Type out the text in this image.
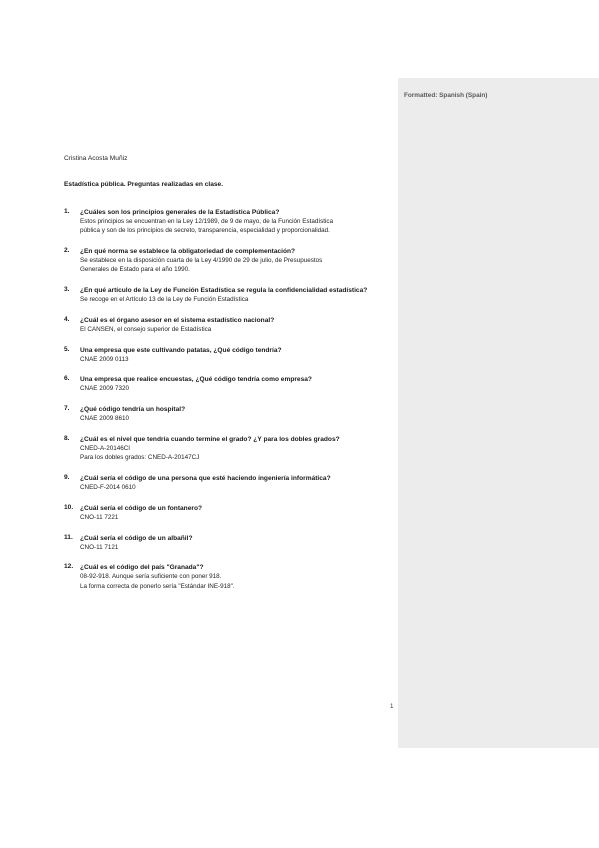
Formatted: Spanish (Spain)
Cristina Acosta Muñiz
Estadística pública. Preguntas realizadas en clase.
1. ¿Cuáles son los principios generales de la Estadística Pública?
Estos principios se encuentran en la Ley 12/1989, de 9 de mayo, de la Función Estadística
pública y son de los principios de secreto, transparencia, especialidad y proporcionalidad.
2. ¿En qué norma se establece la obligatoriedad de complementación?
Se establece en la disposición cuarta de la Ley 4/1990 de 29 de julio, de Presupuestos
Generales de Estado para el año 1990.
3. ¿En qué artículo de la Ley de Función Estadística se regula la confidencialidad estadística?
Se recoge en el Artículo 13 de la Ley de Función Estadística
4. ¿Cuál es el órgano asesor en el sistema estadístico nacional?
El CANSEN, el consejo superior de Estadística
5. Una empresa que este cultivando patatas, ¿Qué código tendría?
CNAE 2009 0113
6. Una empresa que realice encuestas, ¿Qué código tendría como empresa?
CNAE 2009 7320
7. ¿Qué código tendría un hospital?
CNAE 2009 8610
8. ¿Cuál es el nivel que tendría cuando termine el grado? ¿Y para los dobles grados?
CNED-A-20146CI
Para los dobles grados: CNED-A-20147CJ
9. ¿Cuál sería el código de una persona que esté haciendo ingeniería informática?
CNED-F-2014 0610
10. ¿Cuál sería el código de un fontanero?
CNO-11 7221
11. ¿Cuál sería el código de un albañil?
CNO-11 7121
12. ¿Cuál es el código del país "Granada"?
08-92-918. Aunque sería suficiente con poner 918.
La forma correcta de ponerlo sería "Estándar INE-918".
1
